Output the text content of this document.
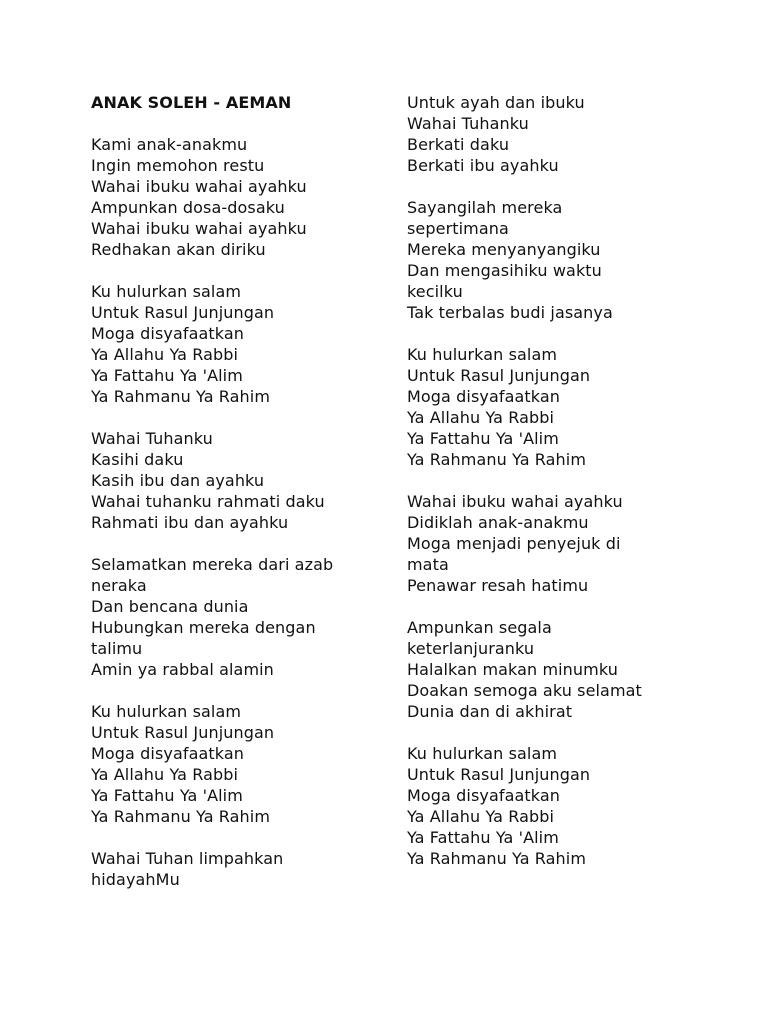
ANAK SOLEH - AEMAN
Kami anak-anakmu
Ingin memohon restu
Wahai ibuku wahai ayahku
Ampunkan dosa-dosaku
Wahai ibuku wahai ayahku
Redhakan akan diriku
Ku hulurkan salam
Untuk Rasul Junjungan
Moga disyafaatkan
Ya Allahu Ya Rabbi
Ya Fattahu Ya 'Alim
Ya Rahmanu Ya Rahim
Wahai Tuhanku
Kasihi daku
Kasih ibu dan ayahku
Wahai tuhanku rahmati daku
Rahmati ibu dan ayahku
Selamatkan mereka dari azab
neraka
Dan bencana dunia
Hubungkan mereka dengan
talimu
Amin ya rabbal alamin
Ku hulurkan salam
Untuk Rasul Junjungan
Moga disyafaatkan
Ya Allahu Ya Rabbi
Ya Fattahu Ya 'Alim
Ya Rahmanu Ya Rahim
Wahai Tuhan limpahkan
hidayahMu
Untuk ayah dan ibuku
Wahai Tuhanku
Berkati daku
Berkati ibu ayahku
Sayangilah mereka
sepertimana
Mereka menyanyangiku
Dan mengasihiku waktu
kecilku
Tak terbalas budi jasanya
Ku hulurkan salam
Untuk Rasul Junjungan
Moga disyafaatkan
Ya Allahu Ya Rabbi
Ya Fattahu Ya 'Alim
Ya Rahmanu Ya Rahim
Wahai ibuku wahai ayahku
Didiklah anak-anakmu
Moga menjadi penyejuk di
mata
Penawar resah hatimu
Ampunkan segala
keterlanjuranku
Halalkan makan minumku
Doakan semoga aku selamat
Dunia dan di akhirat
Ku hulurkan salam
Untuk Rasul Junjungan
Moga disyafaatkan
Ya Allahu Ya Rabbi
Ya Fattahu Ya 'Alim
Ya Rahmanu Ya Rahim
